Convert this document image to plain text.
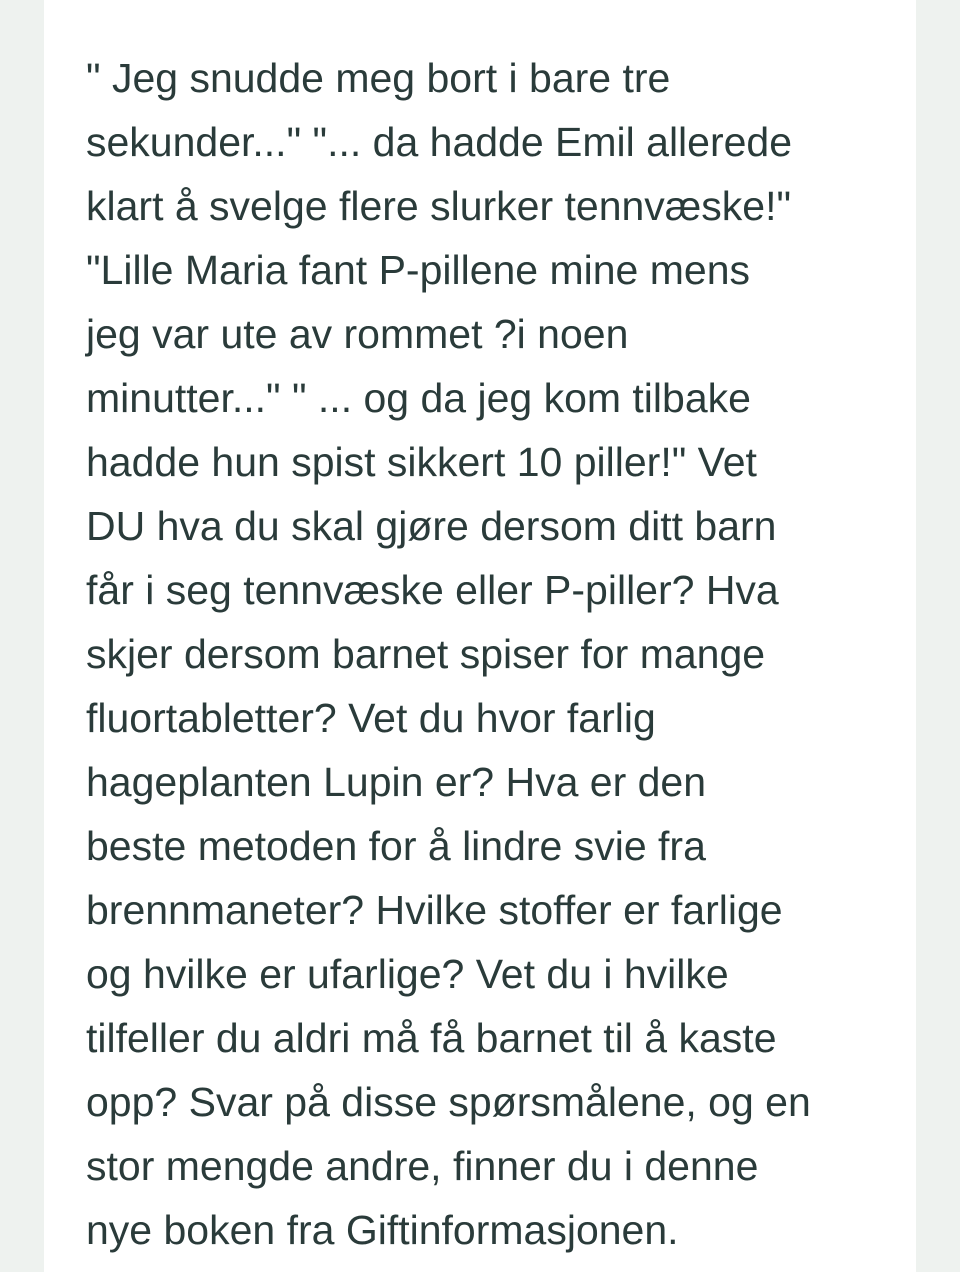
" Jeg snudde meg bort i bare tre
sekunder..." "... da hadde Emil allerede
klart å svelge flere slurker tennvæske!"
"Lille Maria fant P-pillene mine mens
jeg var ute av rommet ?i noen
minutter..." " ... og da jeg kom tilbake
hadde hun spist sikkert 10 piller!" Vet
DU hva du skal gjøre dersom ditt barn
får i seg tennvæske eller P-piller? Hva
skjer dersom barnet spiser for mange
fluortabletter? Vet du hvor farlig
hageplanten Lupin er? Hva er den
beste metoden for å lindre svie fra
brennmaneter? Hvilke stoffer er farlige
og hvilke er ufarlige? Vet du i hvilke
tilfeller du aldri må få barnet til å kaste
opp? Svar på disse spørsmålene, og en
stor mengde andre, finner du i denne
nye boken fra Giftinformasjonen.
